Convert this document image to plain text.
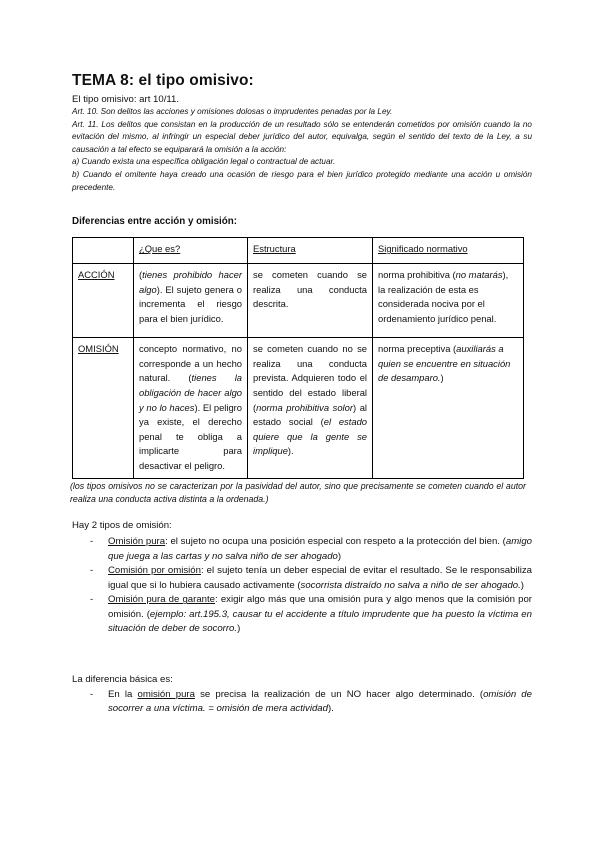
TEMA 8: el tipo omisivo:

El tipo omisivo: art 10/11.

Art. 10. Son delitos las acciones y omisiones dolosas o imprudentes penadas por la Ley.

Art. 11. Los delitos que consistan en la producción de un resultado sólo se entenderán cometidos por omisión cuando la no evitación del mismo, al infringir un especial deber jurídico del autor, equivalga, según el sentido del texto de la Ley, a su causación a tal efecto se equiparará la omisión a la acción:

a) Cuando exista una específica obligación legal o contractual de actuar.

b) Cuando el omitente haya creado una ocasión de riesgo para el bien jurídico protegido mediante una acción u omisión precedente.

Diferencias entre acción y omisión:
	¿Que es?	Estructura	Significado normativo
ACCIÓN	(tienes prohibido hacer algo). El sujeto genera o incrementa el riesgo para el bien jurídico.	se cometen cuando se realiza una conducta descrita.	norma prohibitiva (no matarás), la realización de esta es considerada nociva por el ordenamiento jurídico penal.
OMISIÓN	concepto normativo, no corresponde a un hecho natural. (tienes la obligación de hacer algo y no lo haces). El peligro ya existe, el derecho penal te obliga a implicarte para desactivar el peligro.	se cometen cuando no se realiza una conducta prevista. Adquieren todo el sentido del estado liberal (norma prohibitiva solor) al estado social (el estado quiere que la gente se implique).	norma preceptiva (auxiliarás a quien se encuentre en situación de desamparo.)

(los tipos omisivos no se caracterizan por la pasividad del autor, sino que precisamente se cometen cuando el autor realiza una conducta activa distinta a la ordenada.)

Hay 2 tipos de omisión:

- Omisión pura: el sujeto no ocupa una posición especial con respeto a la protección del bien. (amigo que juega a las cartas y no salva niño de ser ahogado)
- Comisión por omisión: el sujeto tenía un deber especial de evitar el resultado. Se le responsabiliza igual que si lo hubiera causado activamente (socorrista distraído no salva a niño de ser ahogado.)
- Omisión pura de garante: exigir algo más que una omisión pura y algo menos que la comisión por omisión. (ejemplo: art.195.3, causar tu el accidente a título imprudente que ha puesto la víctima en situación de deber de socorro.)

La diferencia básica es:

- En la omisión pura se precisa la realización de un NO hacer algo determinado. (omisión de socorrer a una víctima. = omisión de mera actividad).
